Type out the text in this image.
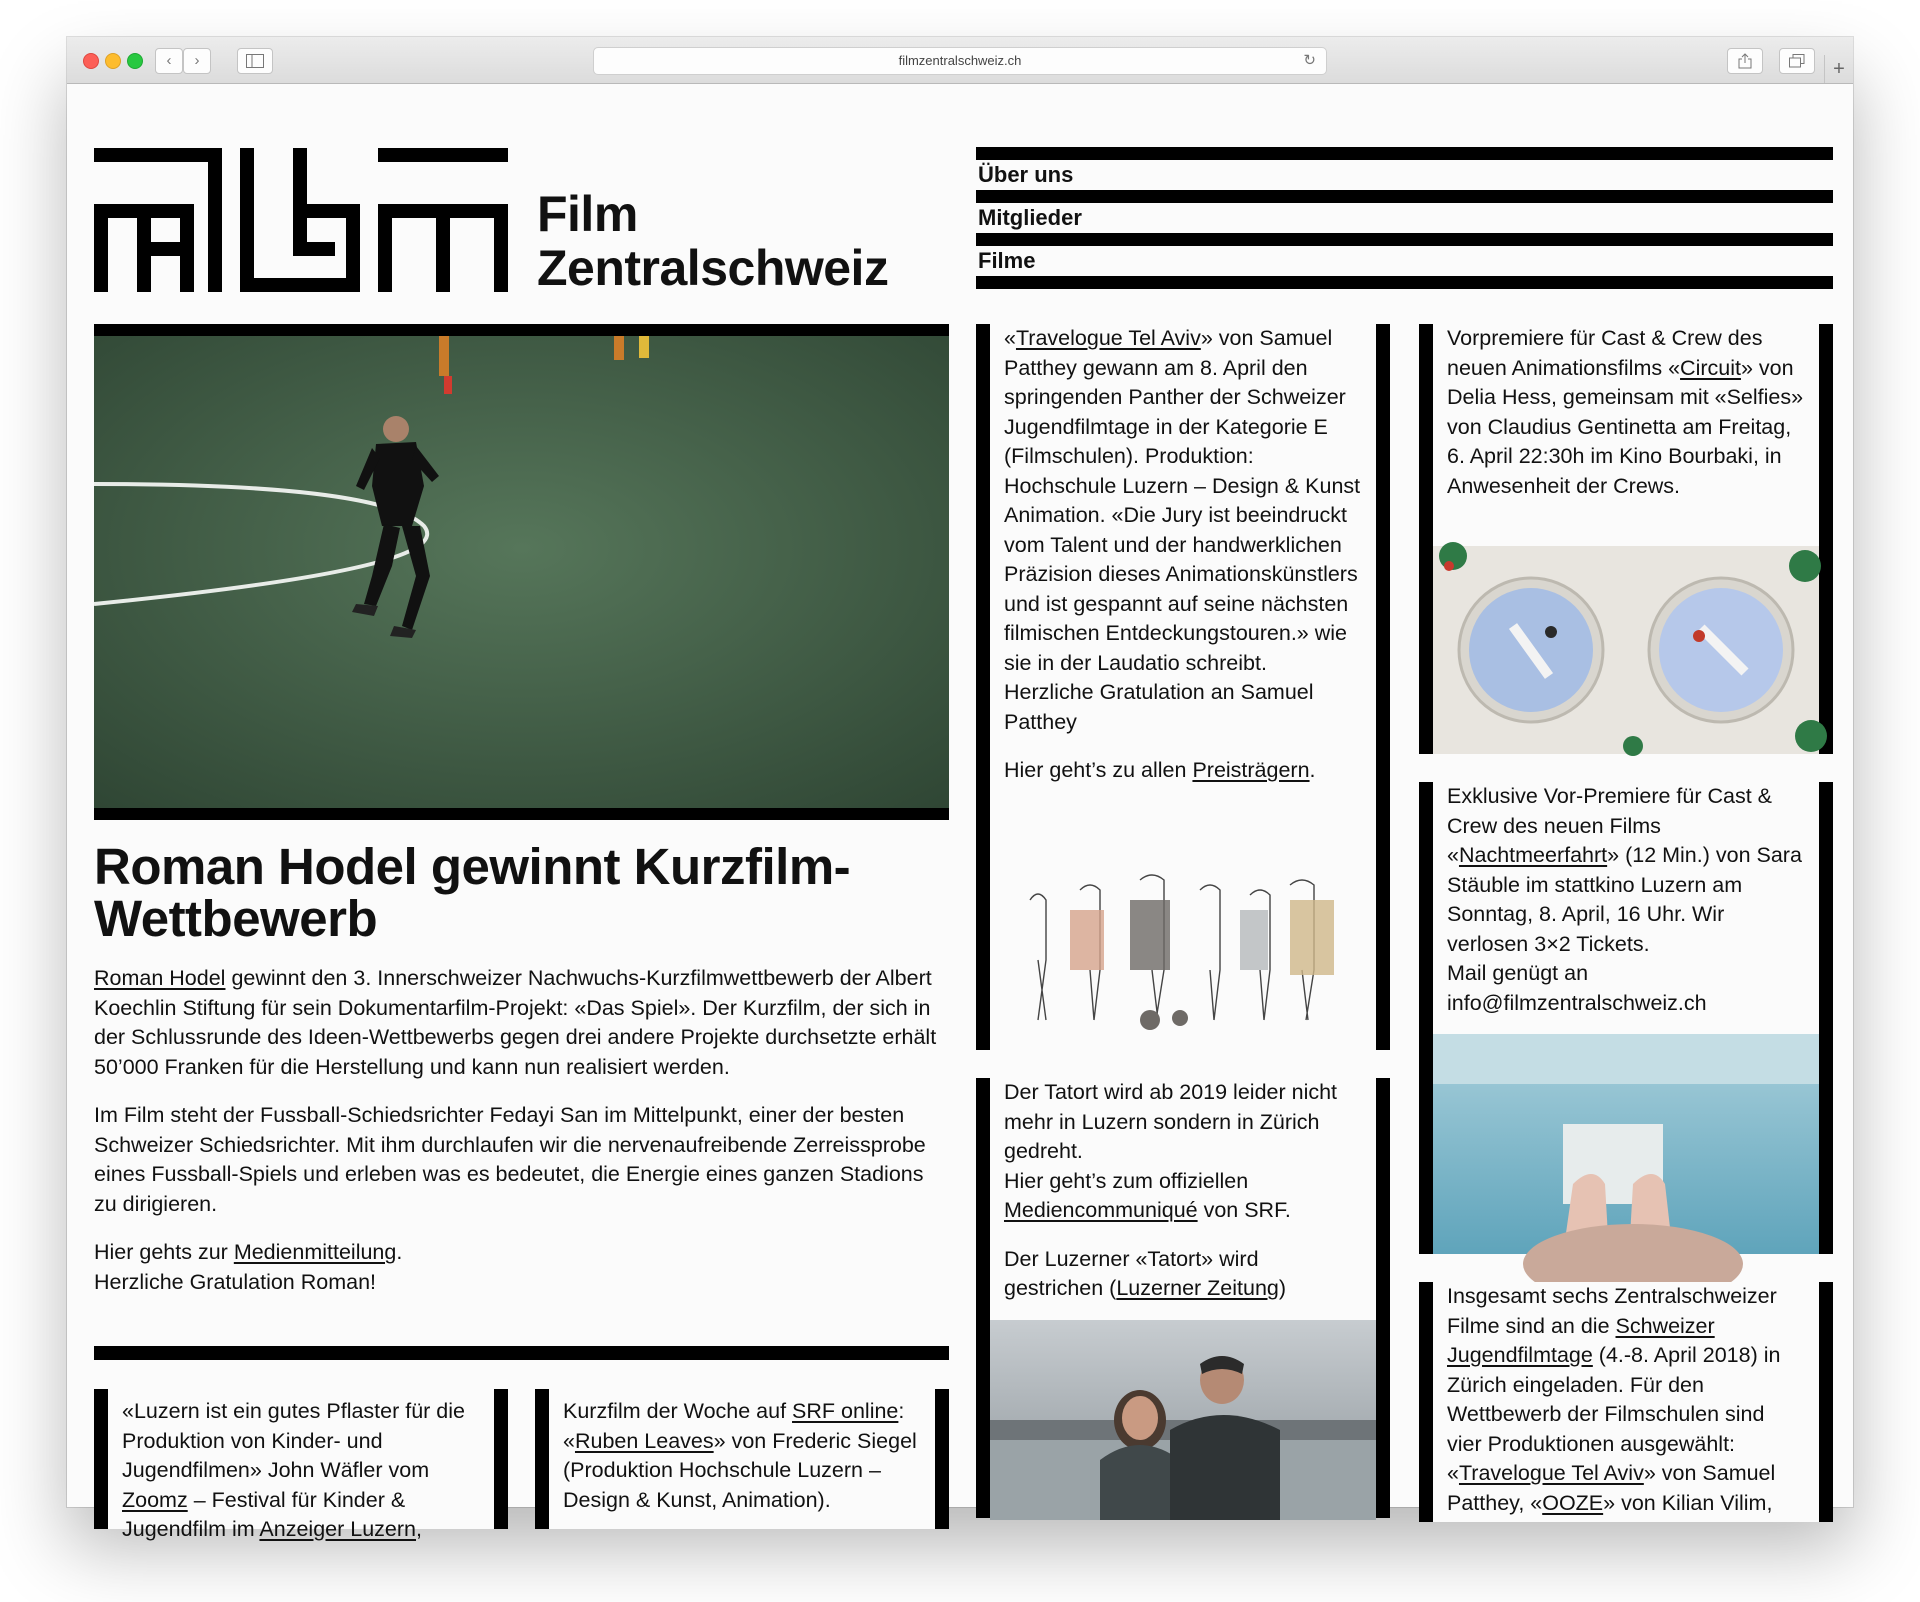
‹	›	filmzentralschweiz.ch	↻	+
Film
Zentralschweiz
Über uns
Mitglieder
Filme
Roman Hodel gewinnt Kurzfilm-Wettbewerb

Roman Hodel gewinnt den 3. Innerschweizer Nachwuchs-Kurzfilmwettbewerb der Albert Koechlin Stiftung für sein Dokumentarfilm-Projekt: «Das Spiel». Der Kurzfilm, der sich in der Schlussrunde des Ideen-Wettbewerbs gegen drei andere Projekte durchsetzte erhält 50’000 Franken für die Herstellung und kann nun realisiert werden.

Im Film steht der Fussball-Schiedsrichter Fedayi San im Mittelpunkt, einer der besten Schweizer Schiedsrichter. Mit ihm durchlaufen wir die nervenaufreibende Zerreissprobe eines Fussball-Spiels und erleben was es bedeutet, die Energie eines ganzen Stadions zu dirigieren.

Hier gehts zur Medienmitteilung.
Herzliche Gratulation Roman!

«Luzern ist ein gutes Pflaster für die Produktion von Kinder- und Jugendfilmen» John Wäfler vom Zoomz – Festival für Kinder & Jugendfilm im Anzeiger Luzern,

Kurzfilm der Woche auf SRF online: «Ruben Leaves» von Frederic Siegel (Produktion Hochschule Luzern – Design & Kunst, Animation).

«Travelogue Tel Aviv» von Samuel Patthey gewann am 8. April den springenden Panther der Schweizer Jugendfilmtage in der Kategorie E (Filmschulen). Produktion: Hochschule Luzern – Design & Kunst Animation. «Die Jury ist beeindruckt vom Talent und der handwerklichen Präzision dieses Animationskünstlers und ist gespannt auf seine nächsten filmischen Entdeckungstouren.» wie sie in der Laudatio schreibt. Herzliche Gratulation an Samuel Patthey

Hier geht’s zu allen Preisträgern.

Der Tatort wird ab 2019 leider nicht mehr in Luzern sondern in Zürich gedreht.
Hier geht’s zum offiziellen Mediencommuniqué von SRF.

Der Luzerner «Tatort» wird gestrichen (Luzerner Zeitung)

Vorpremiere für Cast & Crew des neuen Animationsfilms «Circuit» von Delia Hess, gemeinsam mit «Selfies» von Claudius Gentinetta am Freitag, 6. April 22:30h im Kino Bourbaki, in Anwesenheit der Crews.

Exklusive Vor-Premiere für Cast & Crew des neuen Films «Nachtmeerfahrt» (12 Min.) von Sara Stäuble im stattkino Luzern am Sonntag, 8. April, 16 Uhr. Wir verlosen 3×2 Tickets.
Mail genügt an info@filmzentralschweiz.ch

Insgesamt sechs Zentralschweizer Filme sind an die Schweizer Jugendfilmtage (4.-8. April 2018) in Zürich eingeladen. Für den Wettbewerb der Filmschulen sind vier Produktionen ausgewählt: «Travelogue Tel Aviv» von Samuel Patthey, «OOZE» von Kilian Vilim,
